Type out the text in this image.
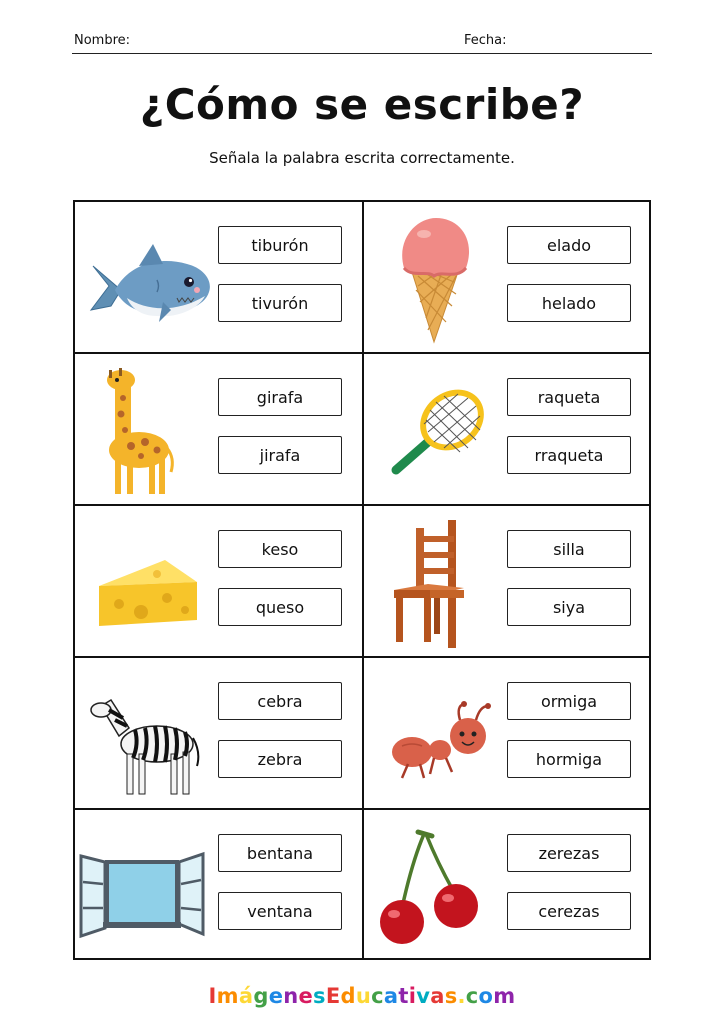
Nombre:	Fecha:
¿Cómo se escribe?
Señala la palabra escrita correctamente.
tiburón
tivurón
elado
helado
girafa
jirafa
raqueta
rraqueta
keso
queso
silla
siya
cebra
zebra
ormiga
hormiga
bentana
ventana
zerezas
cerezas
ImágenesEducativas.com
